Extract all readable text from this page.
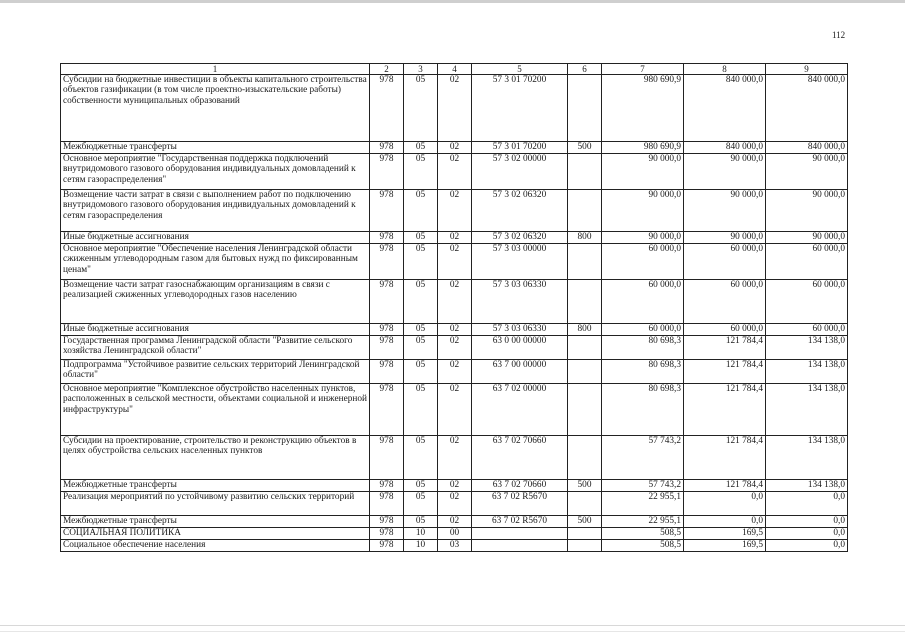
112
1	2	3	4	5	6	7	8	9
Субсидии на бюджетные инвестиции в объекты капитального строительства объектов газификации (в том числе проектно-изыскательские работы) собственности муниципальных образований	978	05	02	57 3 01 70200		980 690,9	840 000,0	840 000,0
Межбюджетные трансферты	978	05	02	57 3 01 70200	500	980 690,9	840 000,0	840 000,0
Основное мероприятие "Государственная поддержка подключений внутридомового газового оборудования индивидуальных домовладений к сетям газораспределения"	978	05	02	57 3 02 00000		90 000,0	90 000,0	90 000,0
Возмещение части затрат в связи с выполнением работ по подключению внутридомового газового оборудования индивидуальных домовладений к сетям газораспределения	978	05	02	57 3 02 06320		90 000,0	90 000,0	90 000,0
Иные бюджетные ассигнования	978	05	02	57 3 02 06320	800	90 000,0	90 000,0	90 000,0
Основное мероприятие "Обеспечение населения Ленинградской области сжиженным углеводородным газом для бытовых нужд по фиксированным ценам"	978	05	02	57 3 03 00000		60 000,0	60 000,0	60 000,0
Возмещение части затрат газоснабжающим организациям в связи с реализацией сжиженных углеводородных газов населению	978	05	02	57 3 03 06330		60 000,0	60 000,0	60 000,0
Иные бюджетные ассигнования	978	05	02	57 3 03 06330	800	60 000,0	60 000,0	60 000,0
Государственная программа Ленинградской области "Развитие сельского хозяйства Ленинградской области"	978	05	02	63 0 00 00000		80 698,3	121 784,4	134 138,0
Подпрограмма "Устойчивое развитие сельских территорий Ленинградской области"	978	05	02	63 7 00 00000		80 698,3	121 784,4	134 138,0
Основное мероприятие "Комплексное обустройство населенных пунктов, расположенных в сельской местности, объектами социальной и инженерной инфраструктуры"	978	05	02	63 7 02 00000		80 698,3	121 784,4	134 138,0
Субсидии на проектирование, строительство и реконструкцию объектов в целях обустройства сельских населенных пунктов	978	05	02	63 7 02 70660		57 743,2	121 784,4	134 138,0
Межбюджетные трансферты	978	05	02	63 7 02 70660	500	57 743,2	121 784,4	134 138,0
Реализация мероприятий по устойчивому развитию сельских территорий	978	05	02	63 7 02 R5670		22 955,1	0,0	0,0
Межбюджетные трансферты	978	05	02	63 7 02 R5670	500	22 955,1	0,0	0,0
СОЦИАЛЬНАЯ ПОЛИТИКА	978	10	00			508,5	169,5	0,0
Социальное обеспечение населения	978	10	03			508,5	169,5	0,0
